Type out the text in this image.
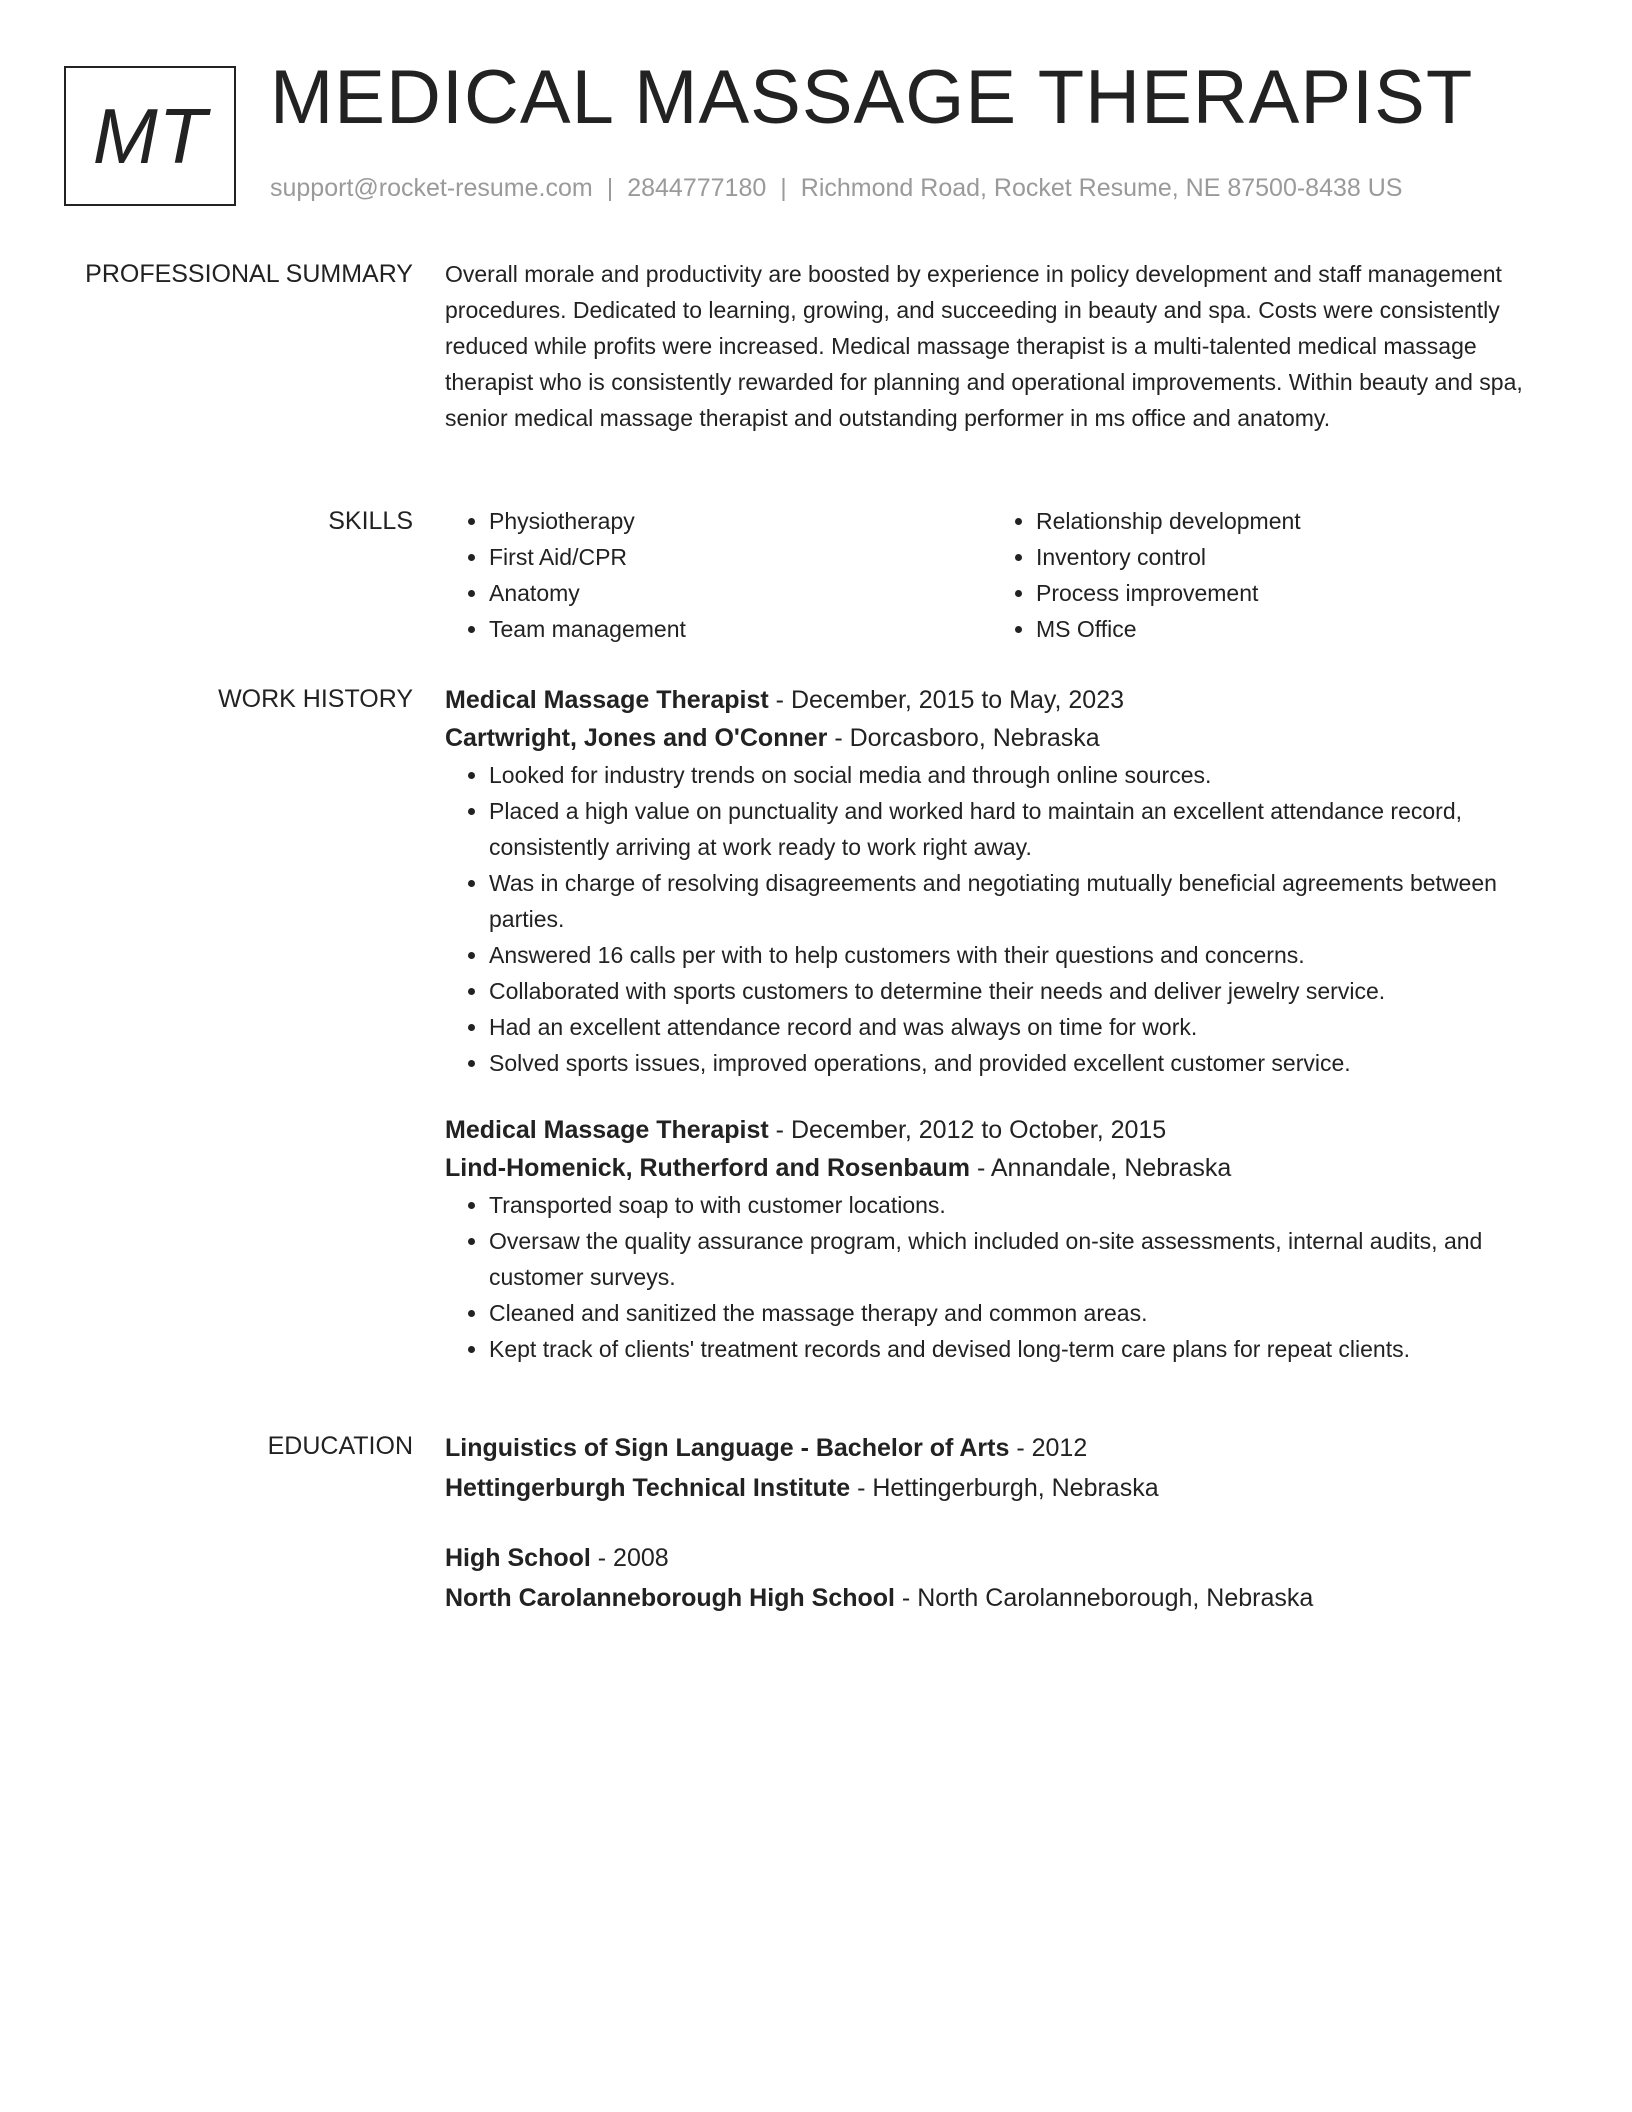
MT MEDICAL MASSAGE THERAPIST
support@rocket-resume.com | 2844777180 | Richmond Road, Rocket Resume, NE 87500-8438 US
PROFESSIONAL SUMMARY Overall morale and productivity are boosted by experience in policy development and staff management procedures. Dedicated to learning, growing, and succeeding in beauty and spa. Costs were consistently reduced while profits were increased. Medical massage therapist is a multi-talented medical massage therapist who is consistently rewarded for planning and operational improvements. Within beauty and spa, senior medical massage therapist and outstanding performer in ms office and anatomy.

SKILLS
•	Physiotherapy
• First Aid/CPR
• Anatomy
• Team management
• Relationship development
• Inventory control
• Process improvement
• MS Office
WORK HISTORY Medical Massage Therapist - December, 2015 to May, 2023
Cartwright, Jones and O'Conner - Dorcasboro, Nebraska
• Looked for industry trends on social media and through online sources.
• Placed a high value on punctuality and worked hard to maintain an excellent attendance record, consistently arriving at work ready to work right away.
• Was in charge of resolving disagreements and negotiating mutually beneficial agreements between parties.
• Answered 16 calls per with to help customers with their questions and concerns.
• Collaborated with sports customers to determine their needs and deliver jewelry service.
• Had an excellent attendance record and was always on time for work.
• Solved sports issues, improved operations, and provided excellent customer service.
Medical Massage Therapist - December, 2012 to October, 2015
Lind-Homenick, Rutherford and Rosenbaum - Annandale, Nebraska
• Transported soap to with customer locations.
• Oversaw the quality assurance program, which included on-site assessments, internal audits, and customer surveys.
• Cleaned and sanitized the massage therapy and common areas.
• Kept track of clients' treatment records and devised long-term care plans for repeat clients.
EDUCATION Linguistics of Sign Language - Bachelor of Arts - 2012
Hettingerburgh Technical Institute - Hettingerburgh, Nebraska
High School - 2008
North Carolanneborough High School - North Carolanneborough, Nebraska
